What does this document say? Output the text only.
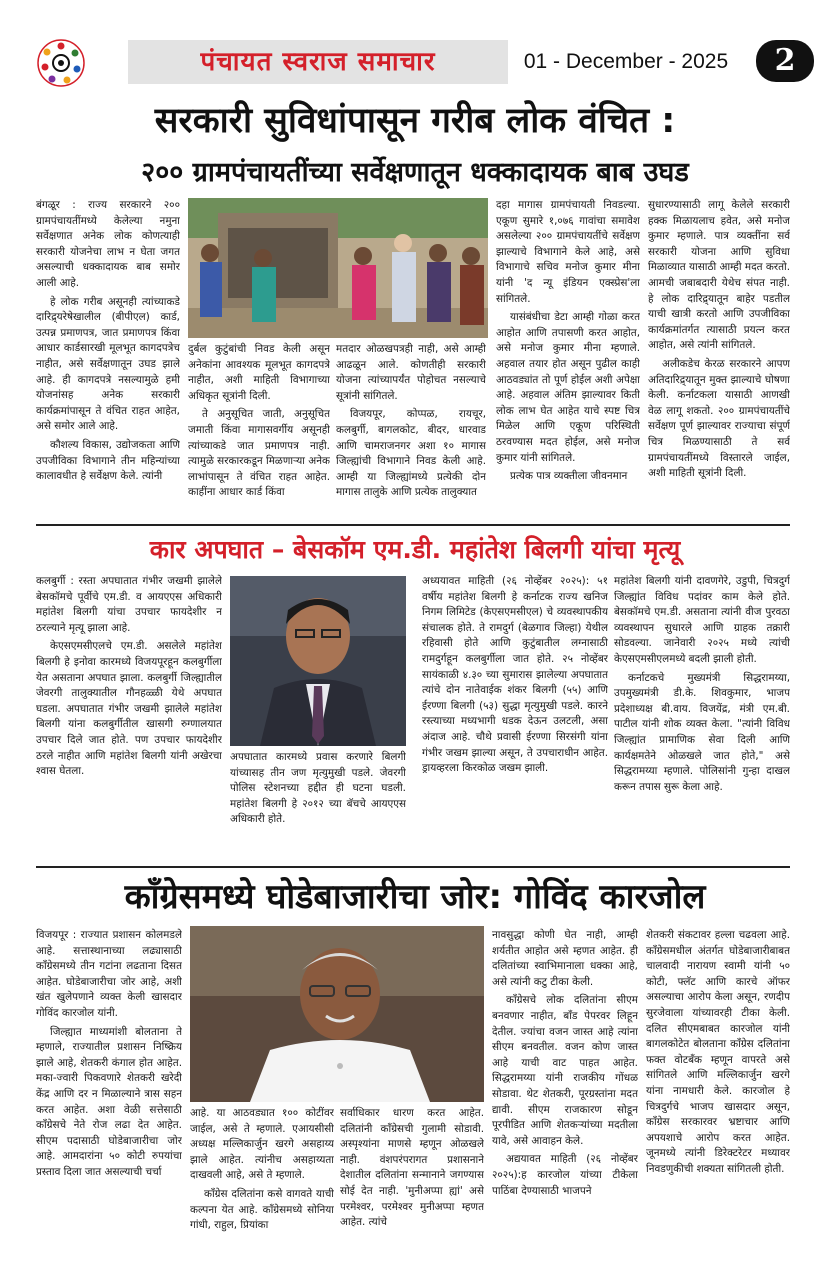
पंचायत स्वराज समाचार	01 - December - 2025	2
सरकारी सुविधांपासून गरीब लोक वंचित :
२०० ग्रामपंचायतींच्या सर्वेक्षणातून धक्कादायक बाब उघड

बंगळूर : राज्य सरकारने २०० ग्रामपंचायतींमध्ये केलेल्या नमुना सर्वेक्षणात अनेक लोक कोणत्याही सरकारी योजनेचा लाभ न घेता जगत असल्याची धक्कादायक बाब समोर आली आहे.

हे लोक गरीब असूनही त्यांच्याकडे दारिद्र्यरेषेखालील (बीपीएल) कार्ड, उत्पन्न प्रमाणपत्र, जात प्रमाणपत्र किंवा आधार कार्डसारखी मूलभूत कागदपत्रेच नाहीत, असे सर्वेक्षणातून उघड झाले आहे. ही कागदपत्रे नसल्यामुळे हमी योजनांसह अनेक सरकारी कार्यक्रमांपासून ते वंचित राहत आहेत, असे समोर आले आहे.

कौशल्य विकास, उद्योजकता आणि उपजीविका विभागाने तीन महिन्यांच्या कालावधीत हे सर्वेक्षण केले. त्यांनी

दुर्बल कुटुंबांची निवड केली असून अनेकांना आवश्यक मूलभूत कागदपत्रे नाहीत, अशी माहिती विभागाच्या अधिकृत सूत्रांनी दिली.

ते अनुसूचित जाती, अनुसूचित जमाती किंवा मागासवर्गीय असूनही त्यांच्याकडे जात प्रमाणपत्र नाही. त्यामुळे सरकारकडून मिळणाऱ्या अनेक लाभांपासून ते वंचित राहत आहेत. काहींना आधार कार्ड किंवा

मतदार ओळखपत्रही नाही, असे आम्ही आढळून आले. कोणतीही सरकारी योजना त्यांच्यापर्यंत पोहोचत नसल्याचे सूत्रांनी सांगितले.

विजयपूर, कोप्पळ, रायचूर, कलबुर्गी, बागलकोट, बीदर, धारवाड आणि चामराजनगर अशा १० मागास जिल्ह्यांची विभागाने निवड केली आहे. आम्ही या जिल्ह्यांमध्ये प्रत्येकी दोन मागास तालुके आणि प्रत्येक तालुक्यात

दहा मागास ग्रामपंचायती निवडल्या. एकूण सुमारे १,०७६ गावांचा समावेश असलेल्या २०० ग्रामपंचायतींचे सर्वेक्षण झाल्याचे विभागाने केले आहे, असे विभागाचे सचिव मनोज कुमार मीना यांनी 'द न्यू इंडियन एक्स्प्रेस'ला सांगितले.

यासंबंधीचा डेटा आम्ही गोळा करत आहोत आणि तपासणी करत आहोत, असे मनोज कुमार मीना म्हणाले. अहवाल तयार होत असून पुढील काही आठवड्यांत तो पूर्ण होईल अशी अपेक्षा आहे. अहवाल अंतिम झाल्यावर किती लोक लाभ घेत आहेत याचे स्पष्ट चित्र मिळेल आणि एकूण परिस्थिती ठरवण्यास मदत होईल, असे मनोज कुमार यांनी सांगितले.

प्रत्येक पात्र व्यक्तीला जीवनमान

सुधारण्यासाठी लागू केलेले सरकारी हक्क मिळायलाच हवेत, असे मनोज कुमार म्हणाले. पात्र व्यक्तींना सर्व सरकारी योजना आणि सुविधा मिळाव्यात यासाठी आम्ही मदत करतो. आमची जबाबदारी येथेच संपत नाही. हे लोक दारिद्र्यातून बाहेर पडतील याची खात्री करतो आणि उपजीविका कार्यक्रमांतर्गत त्यासाठी प्रयत्न करत आहोत, असे त्यांनी सांगितले.

अलीकडेच केरळ सरकारने आपण अतिदारिद्र्यातून मुक्त झाल्याचे घोषणा केली. कर्नाटकला यासाठी आणखी वेळ लागू शकतो. २०० ग्रामपंचायतींचे सर्वेक्षण पूर्ण झाल्यावर राज्याचा संपूर्ण चित्र मिळण्यासाठी ते सर्व ग्रामपंचायतींमध्ये विस्तारले जाईल, अशी माहिती सूत्रांनी दिली.

कार अपघात – बेसकॉम एम.डी. महांतेश बिलगी यांचा मृत्यू

कलबुर्गी : रस्ता अपघातात गंभीर जखमी झालेले बेसकॉमचे पूर्वीचे एम.डी. व आयएएस अधिकारी महांतेश बिलगी यांचा उपचार फायदेशीर न ठरल्याने मृत्यू झाला आहे.

केएसएमसीएलचे एम.डी. असलेले महांतेश बिलगी हे इनोवा कारमध्ये विजयपूरहून कलबुर्गीला येत असताना अपघात झाला. कलबुर्गी जिल्ह्यातील जेवरगी तालुक्यातील गौनहळ्ळी येथे अपघात घडला. अपघातात गंभीर जखमी झालेले महांतेश बिलगी यांना कलबुर्गीतील खासगी रुग्णालयात उपचार दिले जात होते. पण उपचार फायदेशीर ठरले नाहीत आणि महांतेश बिलगी यांनी अखेरचा श्वास घेतला.

अपघातात कारमध्ये प्रवास करणारे बिलगी यांच्यासह तीन जण मृत्युमुखी पडले. जेवरगी पोलिस स्टेशनच्या हद्दीत ही घटना घडली. महांतेश बिलगी हे २०१२ च्या बॅचचे आयएएस अधिकारी होते.

अध्ययावत माहिती (२६ नोव्हेंबर २०२५): ५१ वर्षीय महांतेश बिलगी हे कर्नाटक राज्य खनिज निगम लिमिटेड (केएसएमसीएल) चे व्यवस्थापकीय संचालक होते. ते रामदुर्ग (बेळगाव जिल्हा) येथील रहिवासी होते आणि कुटुंबातील लग्नासाठी रामदुर्गहून कलबुर्गीला जात होते. २५ नोव्हेंबर सायंकाळी ४.३० च्या सुमारास झालेल्या अपघातात त्यांचे दोन नातेवाईक शंकर बिलगी (५५) आणि ईरण्णा बिलगी (५३) सुद्धा मृत्युमुखी पडले. कारने रस्त्याच्या मध्यभागी धडक देऊन उलटली, असा अंदाज आहे. चौथे प्रवासी ईरण्णा सिरसंगी यांना गंभीर जखम झाल्या असून, ते उपचाराधीन आहेत. ड्रायव्हरला किरकोळ जखम झाली.

महांतेश बिलगी यांनी दावणगेरे, उडुपी, चित्रदुर्ग जिल्ह्यांत विविध पदांवर काम केले होते. बेसकॉमचे एम.डी. असताना त्यांनी वीज पुरवठा व्यवस्थापन सुधारले आणि ग्राहक तक्रारी सोडवल्या. जानेवारी २०२५ मध्ये त्यांची केएसएमसीएलमध्ये बदली झाली होती.

कर्नाटकचे मुख्यमंत्री सिद्धरामय्या, उपमुख्यमंत्री डी.के. शिवकुमार, भाजप प्रदेशाध्यक्ष बी.वाय. विजयेंद्र, मंत्री एम.बी. पाटील यांनी शोक व्यक्त केला. "त्यांनी विविध जिल्ह्यांत प्रामाणिक सेवा दिली आणि कार्यक्षमतेने ओळखले जात होते," असे सिद्धरामय्या म्हणाले. पोलिसांनी गुन्हा दाखल करून तपास सुरू केला आहे.

काँग्रेसमध्ये घोडेबाजारीचा जोर: गोविंद कारजोल

विजयपूर : राज्यात प्रशासन कोलमडले आहे. सत्तास्थानाच्या लढ्यासाठी काँग्रेसमध्ये तीन गटांना लढताना दिसत आहेत. घोडेबाजारीचा जोर आहे, अशी खंत खुलेपणाने व्यक्त केली खासदार गोविंद कारजोल यांनी.

जिल्ह्यात माध्यमांशी बोलताना ते म्हणाले, राज्यातील प्रशासन निष्क्रिय झाले आहे, शेतकरी कंगाल होत आहेत. मका-ज्वारी पिकवणारे शेतकरी खरेदी केंद्र आणि दर न मिळाल्याने त्रास सहन करत आहेत. अशा वेळी सत्तेसाठी काँग्रेसचे नेते रोज लढा देत आहेत. सीएम पदासाठी घोडेबाजारीचा जोर आहे. आमदारांना ५० कोटी रुपयांचा प्रस्ताव दिला जात असल्याची चर्चा

आहे. या आठवड्यात १०० कोटींवर जाईल, असे ते म्हणाले. एआयसीसी अध्यक्ष मल्लिकार्जुन खरगे असहाय्य झाले आहेत. त्यांनीच असहाय्यता दाखवली आहे, असे ते म्हणाले.

काँग्रेस दलितांना कसे वागवते याची कल्पना येत आहे. काँग्रेसमध्ये सोनिया गांधी, राहुल, प्रियांका

सर्वाधिकार धारण करत आहेत. दलितांनी काँग्रेसची गुलामी सोडावी. अस्पृश्यांना माणसे म्हणून ओळखले नाही. वंशपरंपरागत प्रशासनाने देशातील दलितांना सन्मानाने जगण्यास सोई देत नाही. 'मुनीअप्पा ह्यां' असे परमेश्वर, परमेश्वर मुनीअप्पा म्हणत आहेत. त्यांचे

नावसुद्धा कोणी घेत नाही, आम्ही शर्यतीत आहोत असे म्हणत आहेत. ही दलितांच्या स्वाभिमानाला धक्का आहे, असे त्यांनी कटु टीका केली.

काँग्रेसचे लोक दलितांना सीएम बनवणार नाहीत, बॉंड पेपरवर लिहून देतील. ज्यांचा वजन जास्त आहे त्यांना सीएम बनवतील. वजन कोण जास्त आहे याची वाट पाहत आहेत. सिद्धरामय्या यांनी राजकीय गोंधळ सोडावा. थेट शेतकरी, पूरग्रस्तांना मदत द्यावी. सीएम राजकारण सोडून पूरपीडित आणि शेतकऱ्यांच्या मदतीला यावे, असे आवाहन केले.

अद्ययावत माहिती (२६ नोव्हेंबर २०२५):ह कारजोल यांच्या टीकेला पाठिंबा देण्यासाठी भाजपने

शेतकरी संकटावर हल्ला चढवला आहे. काँग्रेसमधील अंतर्गत घोडेबाजारीबाबत चालवादी नारायण स्वामी यांनी ५० कोटी, फ्लॅट आणि कारचे ऑफर असल्याचा आरोप केला असून, रणदीप सुरजेवाला यांच्यावरही टीका केली. दलित सीएमबाबत कारजोल यांनी बागलकोटेत बोलताना काँग्रेस दलितांना फक्त वोटबँक म्हणून वापरते असे सांगितले आणि मल्लिकार्जुन खरगे यांना नामधारी केले. कारजोल हे चित्रदुर्गचे भाजप खासदार असून, काँग्रेस सरकारवर भ्रष्टाचार आणि अपयशाचे आरोप करत आहेत. जूनमध्ये त्यांनी डिरेक्टरेटर मध्यावर निवडणुकीची शक्यता सांगितली होती.
